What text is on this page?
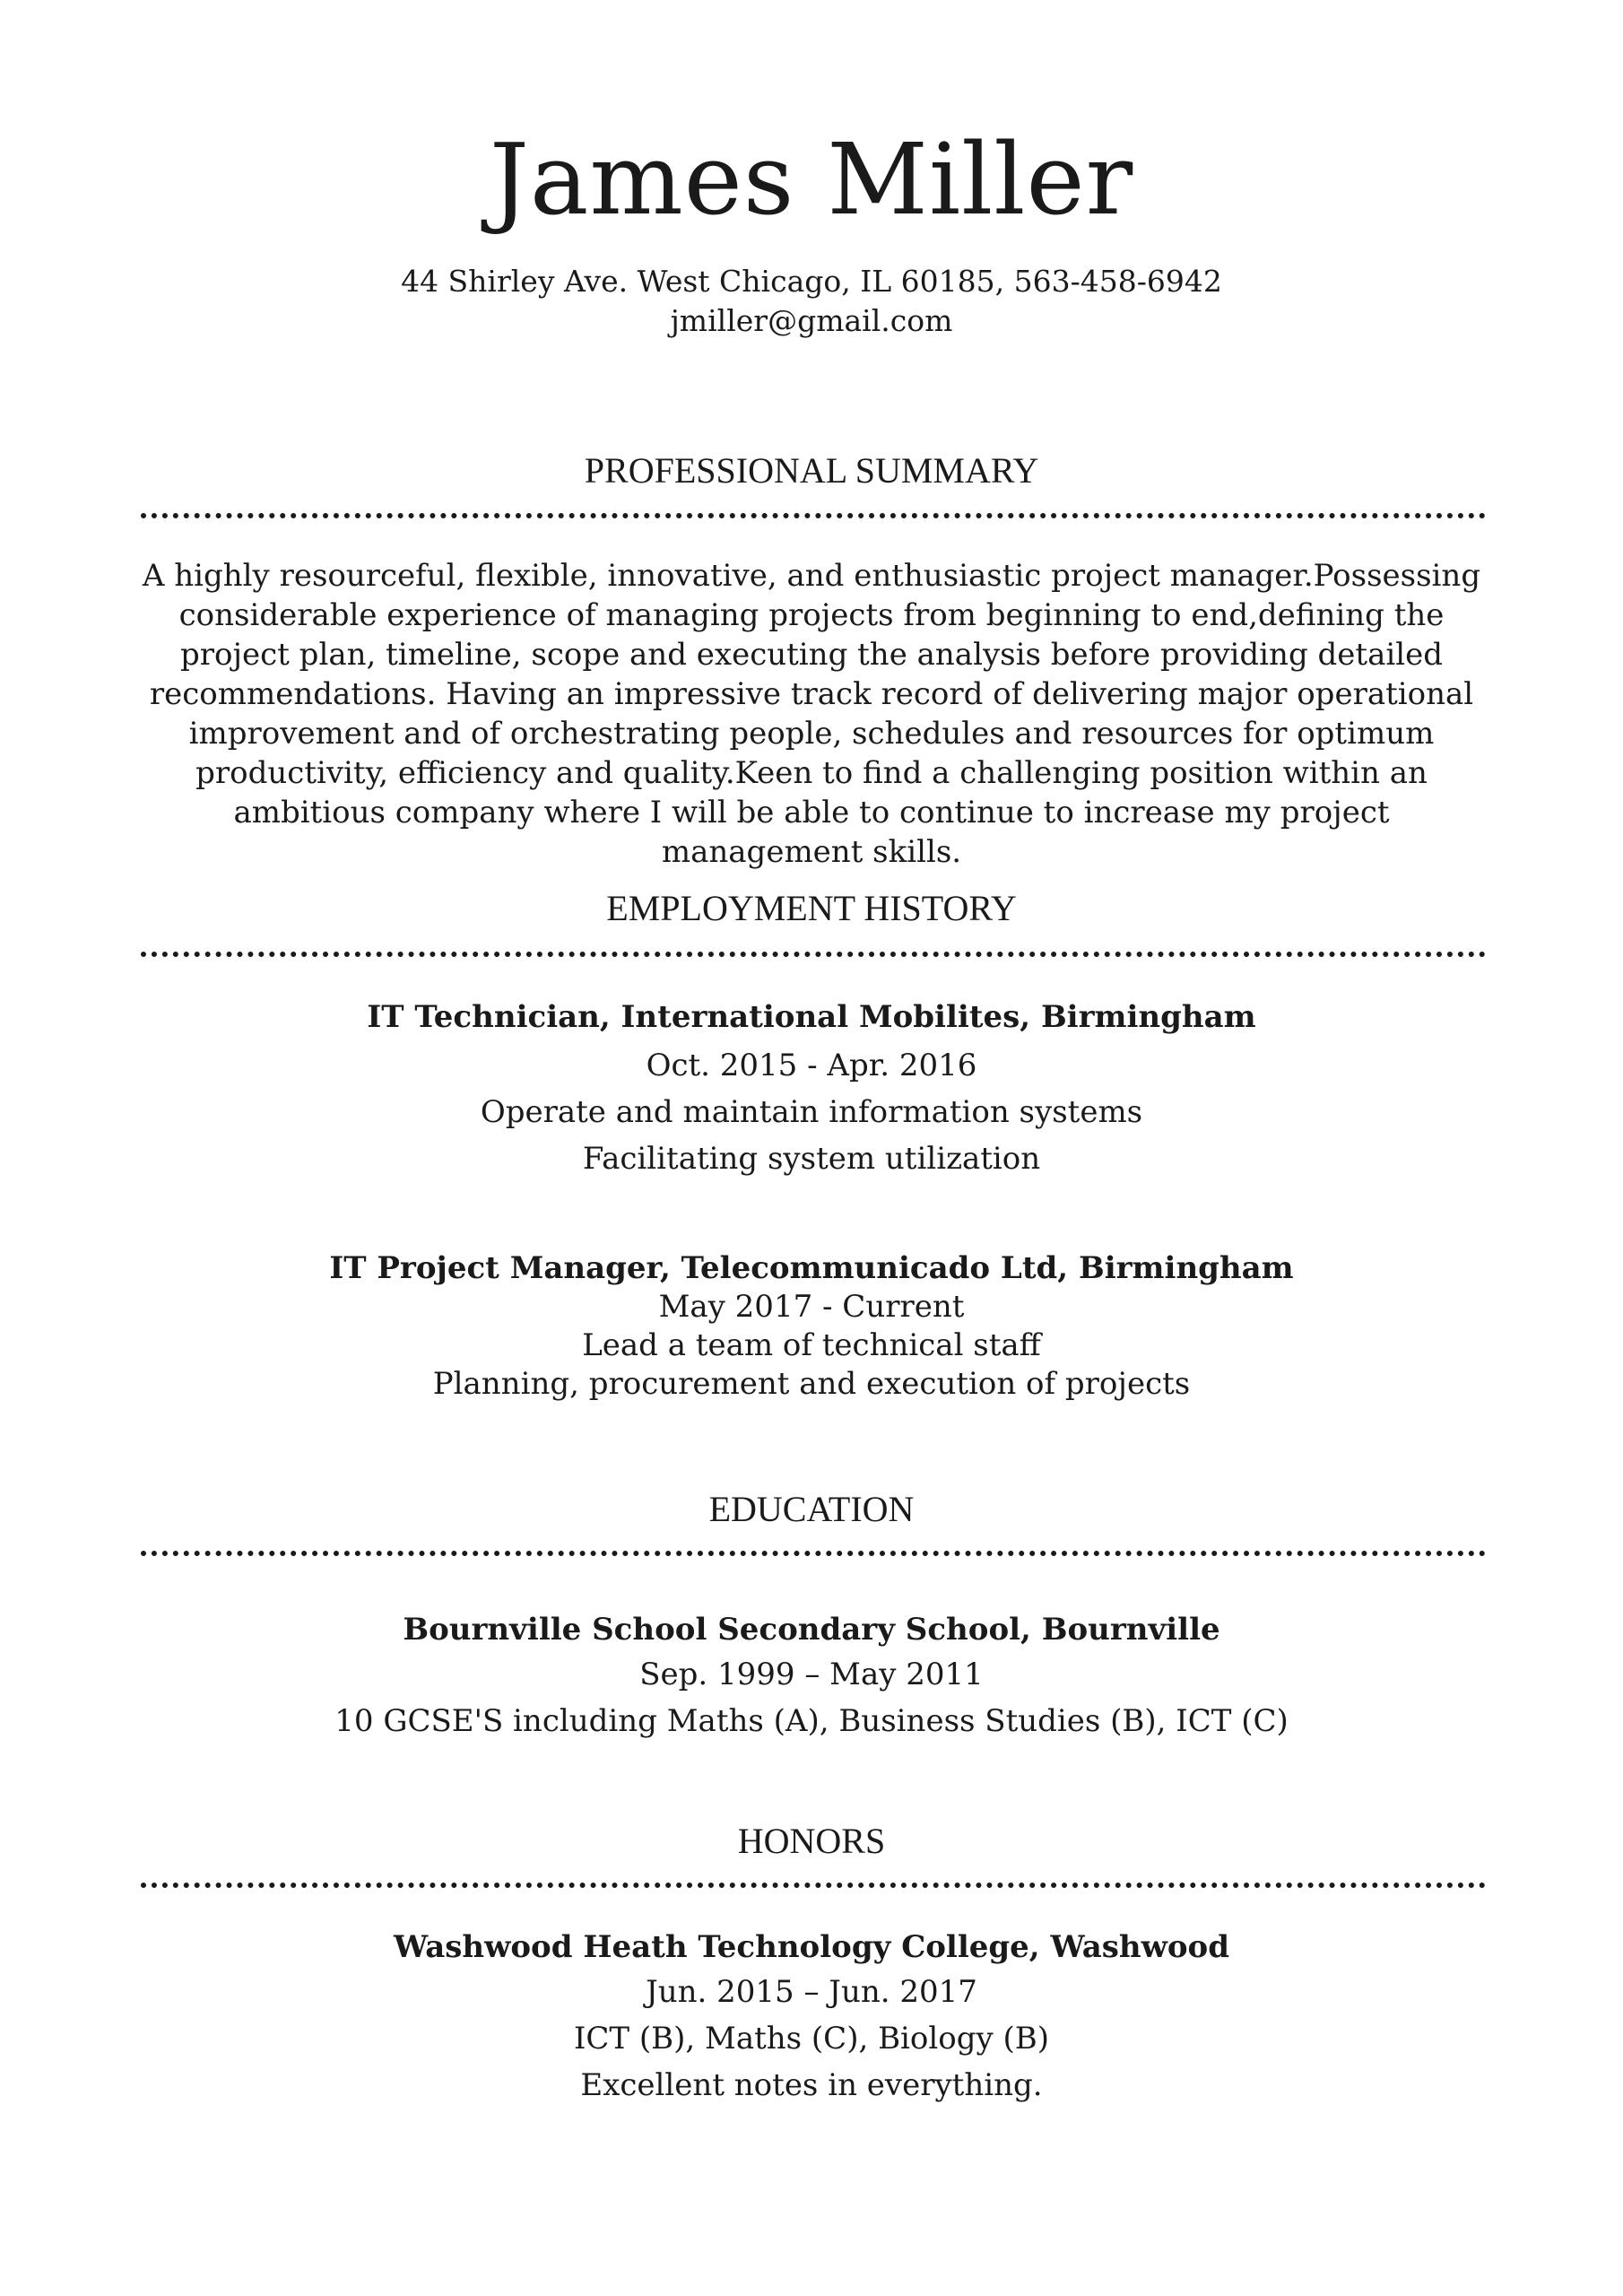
James Miller
44 Shirley Ave. West Chicago, IL 60185, 563-458-6942
jmiller@gmail.com
PROFESSIONAL SUMMARY
A highly resourceful, flexible, innovative, and enthusiastic project manager.Possessing considerable experience of managing projects from beginning to end,defining the project plan, timeline, scope and executing the analysis before providing detailed recommendations. Having an impressive track record of delivering major operational improvement and of orchestrating people, schedules and resources for optimum productivity, efficiency and quality.Keen to find a challenging position within an ambitious company where I will be able to continue to increase my project management skills.
EMPLOYMENT HISTORY
IT Technician, International Mobilites, Birmingham
Oct. 2015 - Apr. 2016
Operate and maintain information systems
Facilitating system utilization
IT Project Manager, Telecommunicado Ltd, Birmingham
May 2017 - Current
Lead a team of technical staff
Planning, procurement and execution of projects
EDUCATION
Bournville School Secondary School, Bournville
Sep. 1999 – May 2011
10 GCSE'S including Maths (A), Business Studies (B), ICT (C)
HONORS
Washwood Heath Technology College, Washwood
Jun. 2015 – Jun. 2017
ICT (B), Maths (C), Biology (B)
Excellent notes in everything.
